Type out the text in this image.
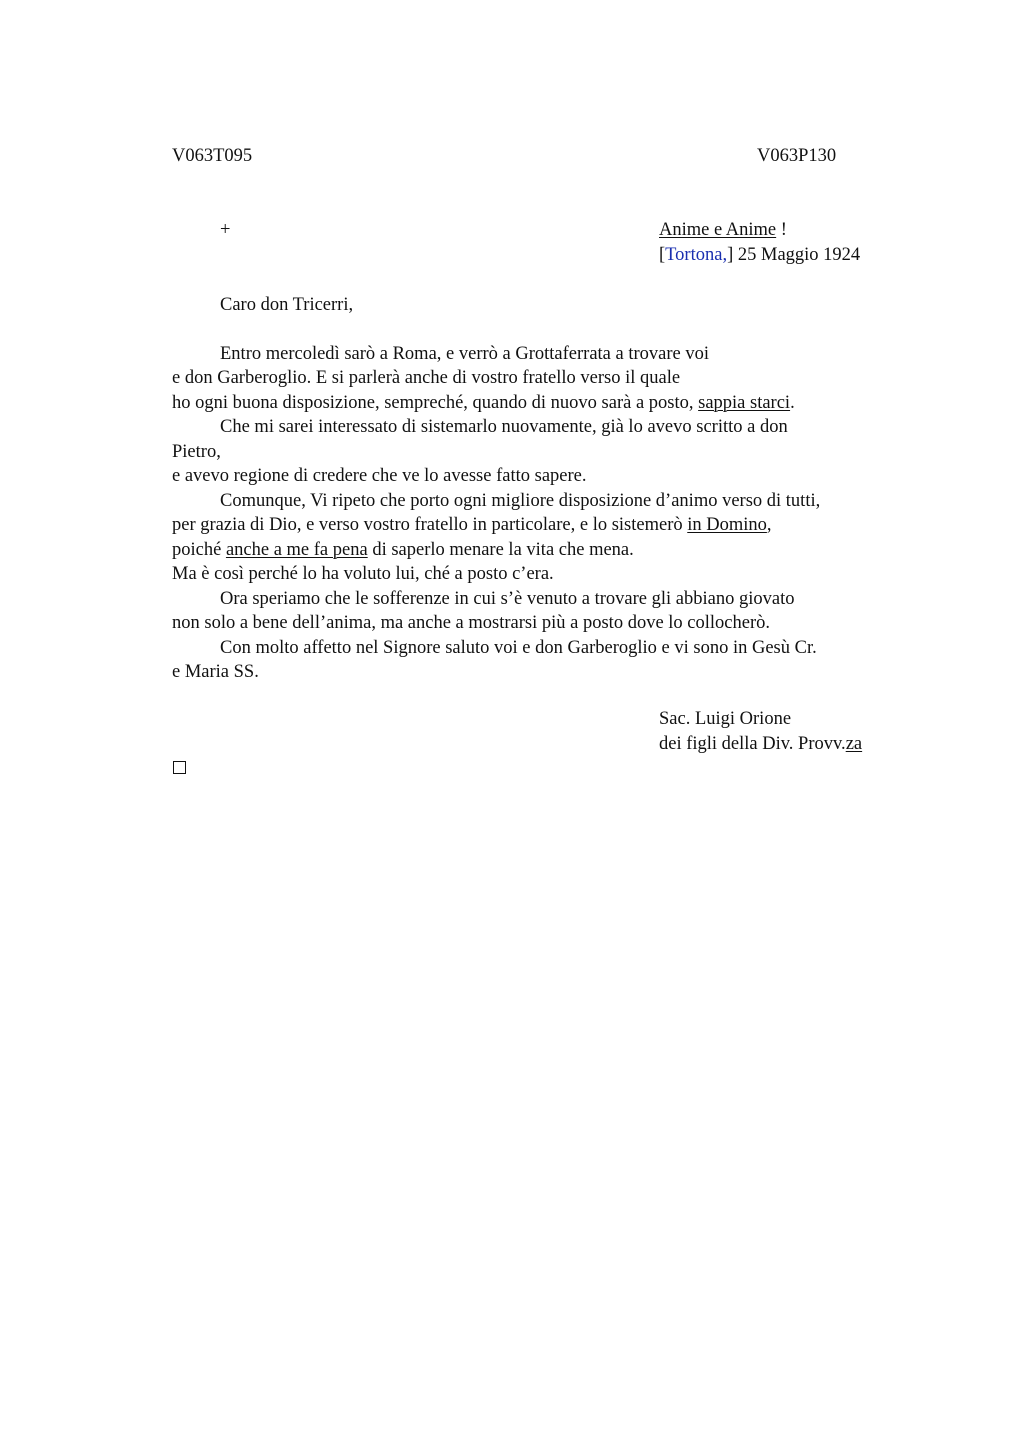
V063T095	V063P130
+	Anime e Anime !
[Tortona,] 25 Maggio 1924
Caro don Tricerri,
Entro mercoledì sarò a Roma, e verrò a Grottaferrata a trovare voi
e don Garberoglio. E si parlerà anche di vostro fratello verso il quale
ho ogni buona disposizione, sempreché, quando di nuovo sarà a posto, sappia starci.
Che mi sarei interessato di sistemarlo nuovamente, già lo avevo scritto a don
Pietro,
e avevo regione di credere che ve lo avesse fatto sapere.
Comunque, Vi ripeto che porto ogni migliore disposizione d’animo verso di tutti,
per grazia di Dio, e verso vostro fratello in particolare, e lo sistemerò in Domino,
poiché anche a me fa pena di saperlo menare la vita che mena.
Ma è così perché lo ha voluto lui, ché a posto c’era.
Ora speriamo che le sofferenze in cui s’è venuto a trovare gli abbiano giovato
non solo a bene dell’anima, ma anche a mostrarsi più a posto dove lo collocherò.
Con molto affetto nel Signore saluto voi e don Garberoglio e vi sono in Gesù Cr.
e Maria SS.
Sac. Luigi Orione
dei figli della Div. Provv.za
